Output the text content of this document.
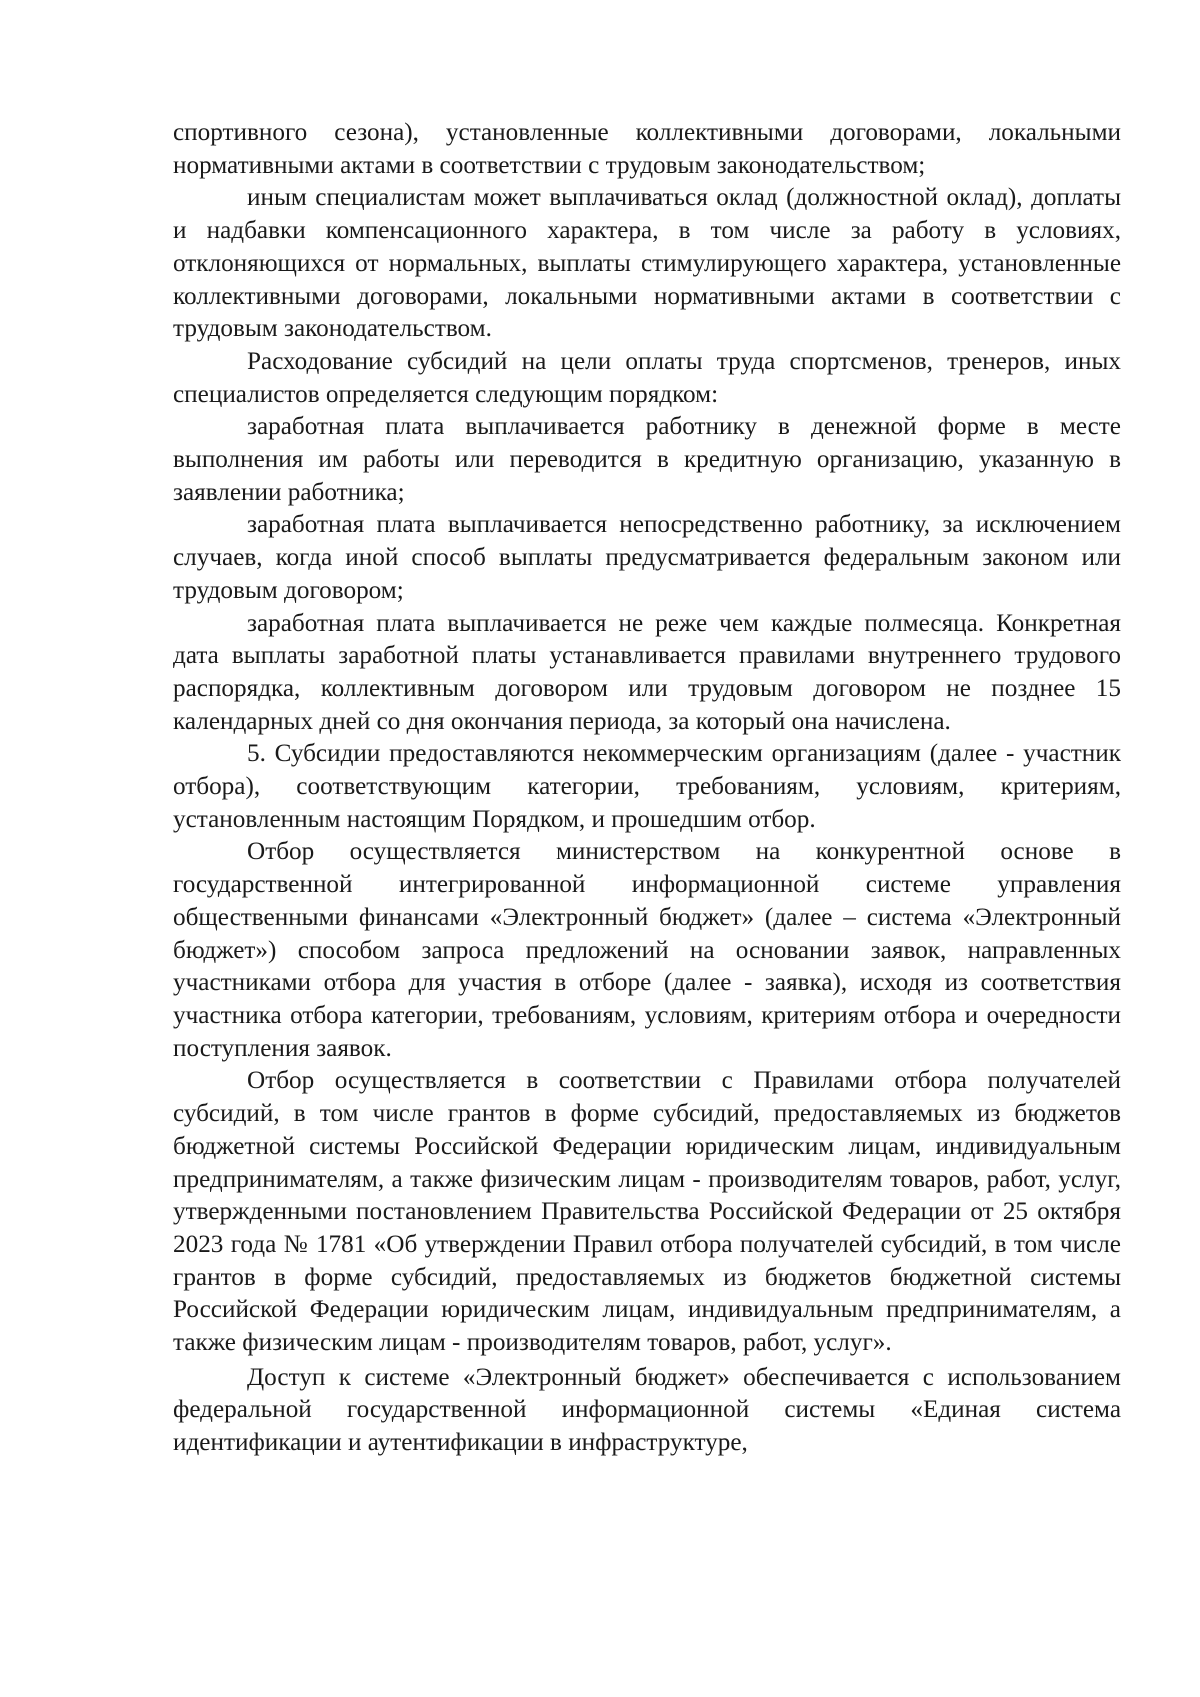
спортивного сезона), установленные коллективными договорами, локальными нормативными актами в соответствии с трудовым законодательством;

иным специалистам может выплачиваться оклад (должностной оклад), доплаты и надбавки компенсационного характера, в том числе за работу в условиях, отклоняющихся от нормальных, выплаты стимулирующего характера, установленные коллективными договорами, локальными нормативными актами в соответствии с трудовым законодательством.

Расходование субсидий на цели оплаты труда спортсменов, тренеров, иных специалистов определяется следующим порядком:

заработная плата выплачивается работнику в денежной форме в месте выполнения им работы или переводится в кредитную организацию, указанную в заявлении работника;

заработная плата выплачивается непосредственно работнику, за исключением случаев, когда иной способ выплаты предусматривается федеральным законом или трудовым договором;

заработная плата выплачивается не реже чем каждые полмесяца. Конкретная дата выплаты заработной платы устанавливается правилами внутреннего трудового распорядка, коллективным договором или трудовым договором не позднее 15 календарных дней со дня окончания периода, за который она начислена.

5. Субсидии предоставляются некоммерческим организациям (далее - участник отбора), соответствующим категории, требованиям, условиям, критериям, установленным настоящим Порядком, и прошедшим отбор.

Отбор осуществляется министерством на конкурентной основе в государственной интегрированной информационной системе управления общественными финансами «Электронный бюджет» (далее – система «Электронный бюджет») способом запроса предложений на основании заявок, направленных участниками отбора для участия в отборе (далее - заявка), исходя из соответствия участника отбора категории, требованиям, условиям, критериям отбора и очередности поступления заявок.

Отбор осуществляется в соответствии с Правилами отбора получателей субсидий, в том числе грантов в форме субсидий, предоставляемых из бюджетов бюджетной системы Российской Федерации юридическим лицам, индивидуальным предпринимателям, а также физическим лицам - производителям товаров, работ, услуг, утвержденными постановлением Правительства Российской Федерации от 25 октября 2023 года № 1781 «Об утверждении Правил отбора получателей субсидий, в том числе грантов в форме субсидий, предоставляемых из бюджетов бюджетной системы Российской Федерации юридическим лицам, индивидуальным предпринимателям, а также физическим лицам - производителям товаров, работ, услуг».

Доступ к системе «Электронный бюджет» обеспечивается с использованием федеральной государственной информационной системы «Единая система идентификации и аутентификации в инфраструктуре,
